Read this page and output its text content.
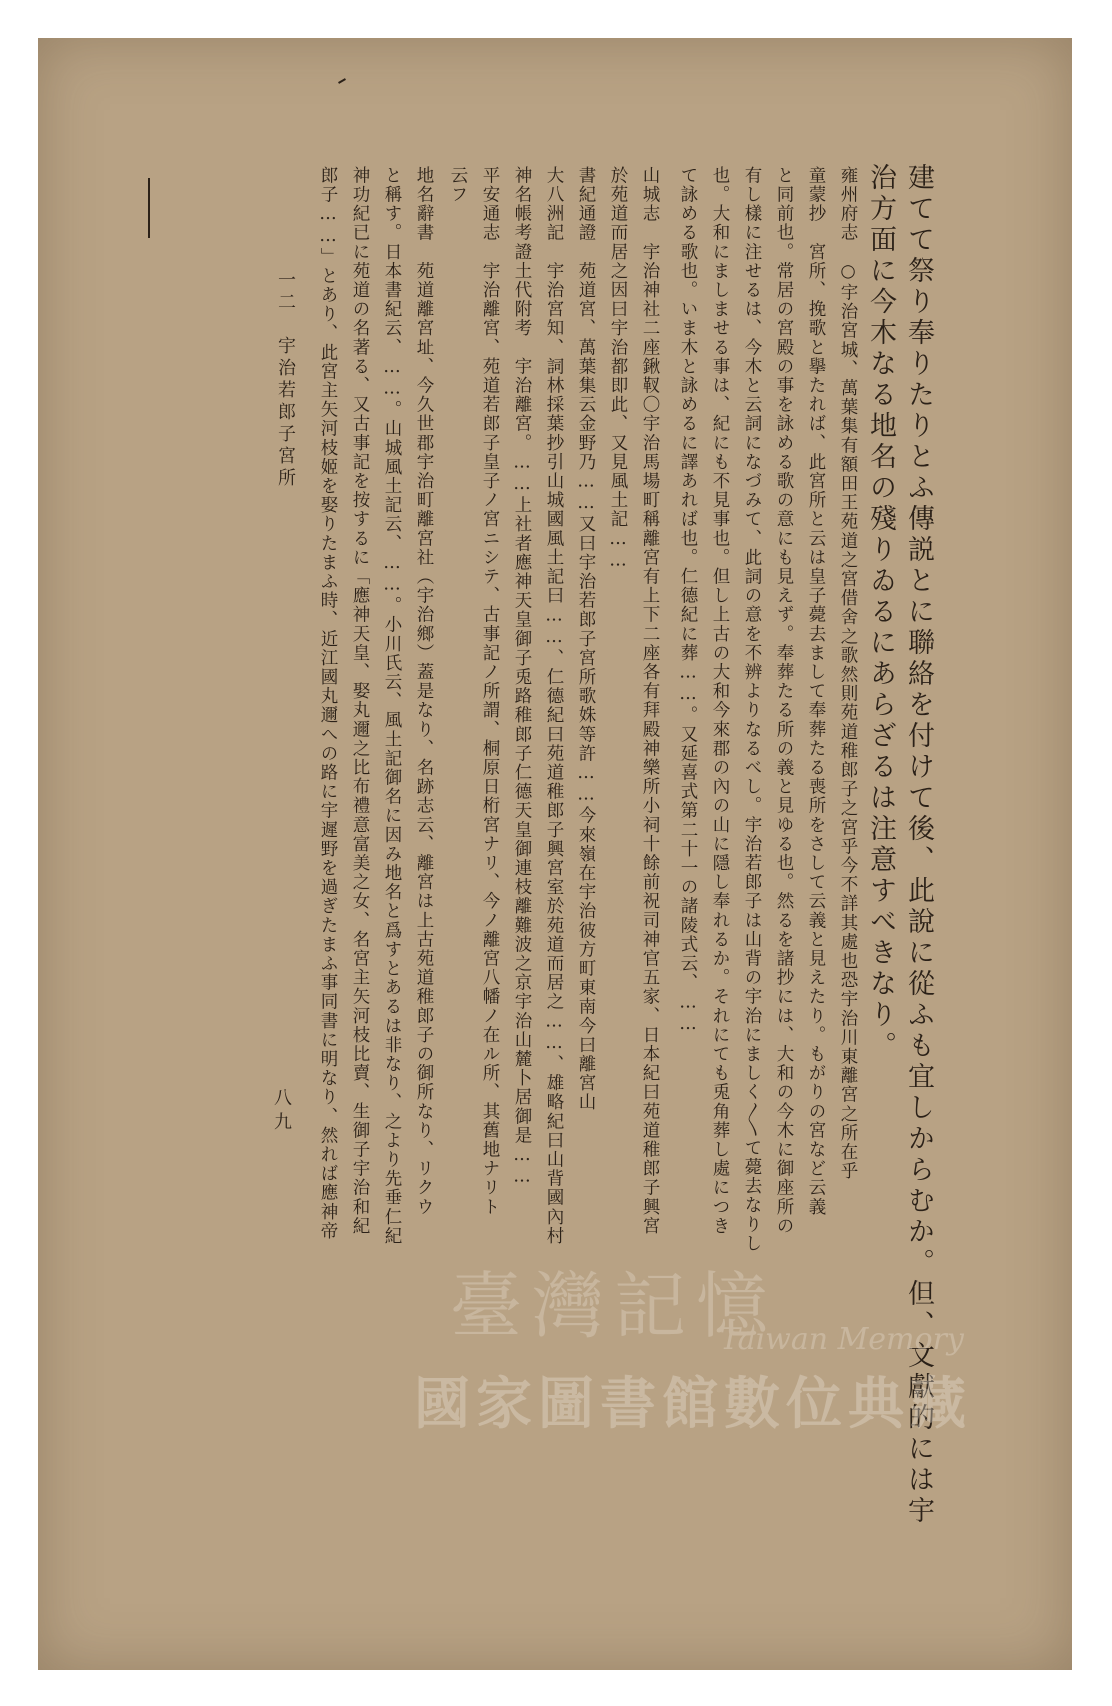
建てて祭り奉りたりとふ傳説とに聯絡を付けて後、此說に從ふも宜しからむか。但、文獻的には宇
治方面に今木なる地名の殘りゐるにあらざるは注意すべきなり。
雍州府志　○宇治宮城、萬葉集有額田王苑道之宮借舍之歌然則苑道稚郎子之宮乎今不詳其處也恐宇治川東離宮之所在乎
童蒙抄　宮所、挽歌と擧たれば、此宮所と云は皇子薨去まして奉葬たる喪所をさして云義と見えたり。もがりの宮など云義
と同前也。常居の宮殿の事を詠める歌の意にも見えず。奉葬たる所の義と見ゆる也。然るを諸抄には、大和の今木に御座所の
有し樣に注せるは、今木と云詞になづみて、此詞の意を不辨よりなるべし。宇治若郎子は山背の宇治にましく〳〵て薨去なりし
也。大和にましませる事は、紀にも不見事也。但し上古の大和今來郡の內の山に隱し奉れるか。それにても兎角葬し處につき
て詠める歌也。いま木と詠めるに譯あれば也。仁德紀に葬……。又延喜式第二十一の諸陵式云、……
山城志　宇治神社二座鍬靫〇宇治馬場町稱離宮有上下二座各有拜殿神樂所小祠十餘前祝司神官五家、日本紀曰苑道稚郎子興宮
於苑道而居之因曰宇治都即此、又見風土記……
書紀通證　苑道宮、萬葉集云金野乃……又曰宇治若郎子宮所歌姝等許……今來嶺在宇治彼方町東南今曰離宮山
大八洲記　宇治宮知、詞林採葉抄引山城國風土記曰……、仁德紀曰苑道稚郎子興宮室於苑道而居之……、雄略紀曰山背國內村
神名帳考證土代附考　宇治離宮。……上社者應神天皇御子兎路稚郎子仁德天皇御連枝離難波之京宇治山麓卜居御是……
平安通志　宇治離宮、苑道若郎子皇子ノ宮ニシテ、古事記ノ所謂、桐原日桁宮ナリ、今ノ離宮八幡ノ在ル所、其舊地ナリト
云フ
地名辭書　苑道離宮址、今久世郡宇治町離宮社（宇治鄉）蓋是なり、名跡志云、離宮は上古苑道稚郎子の御所なり、リクウ
と稱す。日本書紀云、……。山城風土記云、……。小川氏云、風土記御名に因み地名と爲すとあるは非なり、之より先垂仁紀
神功紀已に苑道の名著る、又古事記を按するに「應神天皇、娶丸邇之比布禮意富美之女、名宮主矢河枝比賣、生御子宇治和紀
郎子……」とあり、此宮主矢河枝姬を娶りたまふ時、近江國丸邇への路に宇遲野を過ぎたまふ事同書に明なり、然れば應神帝
一二　宇治若郎子宮所
八九
臺灣記憶
Taiwan Memory
國家圖書館數位典藏
